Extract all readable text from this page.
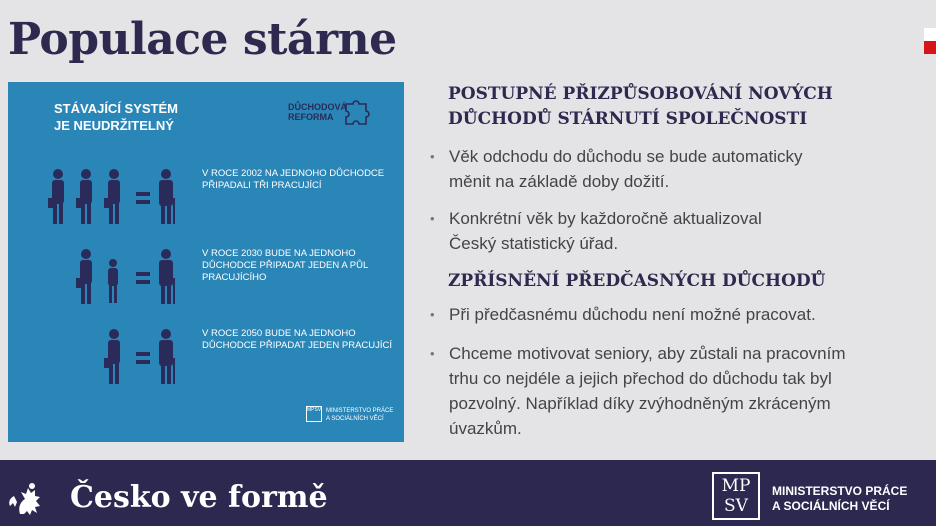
Populace stárne
STÁVAJÍCÍ SYSTÉM
JE NEUDRŽITELNÝ
DŮCHODOVÁ
REFORMA
V ROCE 2002 NA JEDNOHO DŮCHODCE PŘIPADALI TŘI PRACUJÍCÍ
V ROCE 2030 BUDE NA JEDNOHO DŮCHODCE PŘIPADAT JEDEN A PŮL PRACUJÍCÍHO
V ROCE 2050 BUDE NA JEDNOHO DŮCHODCE PŘIPADAT JEDEN PRACUJÍCÍ
MPSV MINISTERSTVO PRÁCE
A SOCIÁLNÍCH VĚCÍ
POSTUPNÉ PŘIZPŮSOBOVÁNÍ NOVÝCH
DŮCHODŮ STÁRNUTÍ SPOLEČNOSTI
• Věk odchodu do důchodu se bude automaticky
měnit na základě doby dožití.
• Konkrétní věk by každoročně aktualizoval
Český statistický úřad.
ZPŘÍSNĚNÍ PŘEDČASNÝCH DŮCHODŮ
• Při předčasnému důchodu není možné pracovat.
• Chceme motivovat seniory, aby zůstali na pracovním
trhu co nejdéle a jejich přechod do důchodu tak byl
pozvolný. Například díky zvýhodněným zkráceným
úvazkům.
Česko ve formě	MP
SV
MINISTERSTVO PRÁCE
A SOCIÁLNÍCH VĚCÍ
